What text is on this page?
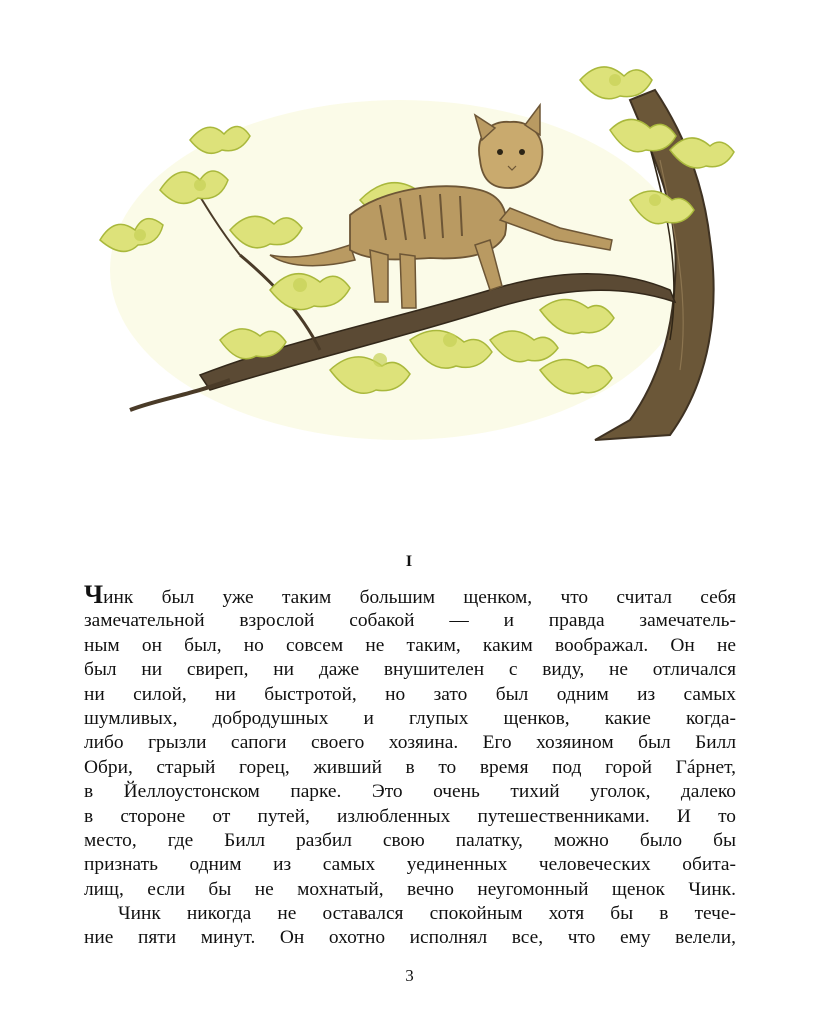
I
Чинк был уже таким большим щенком, что считал себя
замечательной взрослой собакой — и правда замечатель-
ным он был, но совсем не таким, каким воображал. Он не
был ни свиреп, ни даже внушителен с виду, не отличался
ни силой, ни быстротой, но зато был одним из самых
шумливых, добродушных и глупых щенков, какие когда-
либо грызли сапоги своего хозяина. Его хозяином был Билл
Обри, старый горец, живший в то время под горой Гáрнет,
в Йеллоустонском парке. Это очень тихий уголок, далеко
в стороне от путей, излюбленных путешественниками. И то
место, где Билл разбил свою палатку, можно было бы
признать одним из самых уединенных человеческих обита-
лищ, если бы не мохнатый, вечно неугомонный щенок Чинк.
Чинк никогда не оставался спокойным хотя бы в тече-
ние пяти минут. Он охотно исполнял все, что ему велели,
3
